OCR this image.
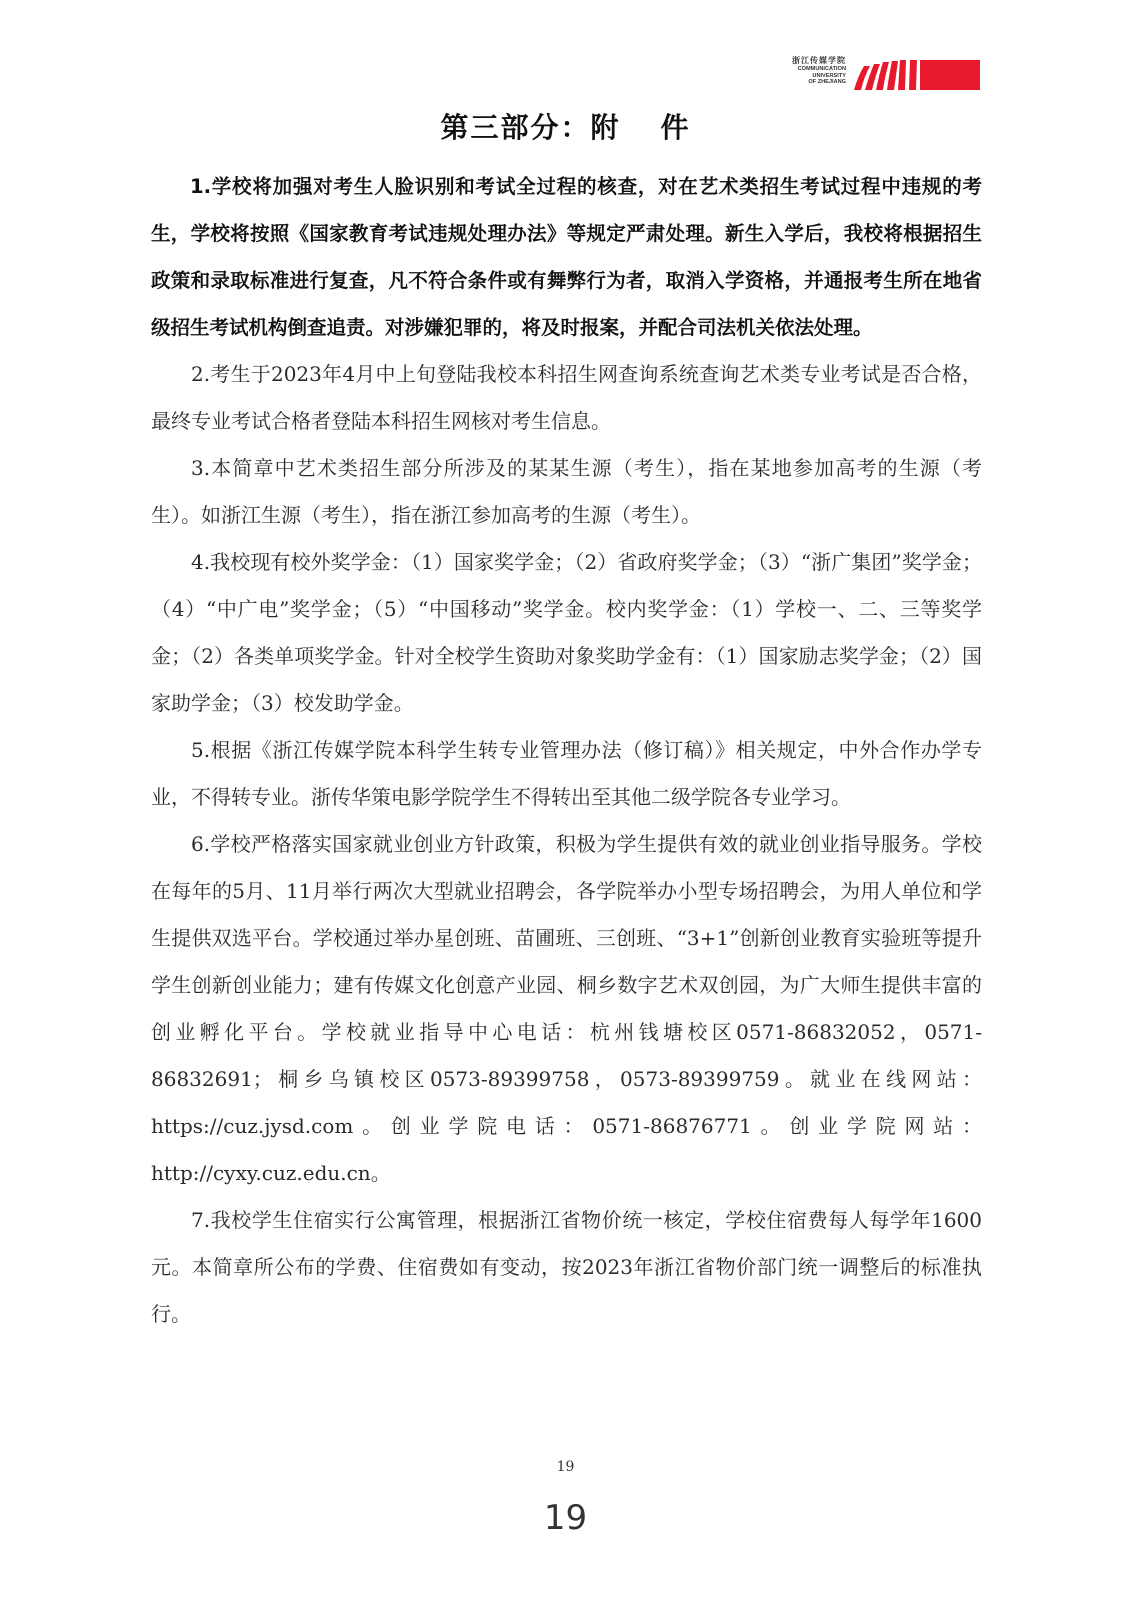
浙江传媒学院
COMMUNICATION
UNIVERSITY
OF ZHEJIANG
第三部分：附 件

1.学校将加强对考生人脸识别和考试全过程的核查，对在艺术类招生考试过程中违规的考生，学校将按照《国家教育考试违规处理办法》等规定严肃处理。新生入学后，我校将根据招生政策和录取标准进行复查，凡不符合条件或有舞弊行为者，取消入学资格，并通报考生所在地省级招生考试机构倒查追责。对涉嫌犯罪的，将及时报案，并配合司法机关依法处理。

2.考生于2023年4月中上旬登陆我校本科招生网查询系统查询艺术类专业考试是否合格，最终专业考试合格者登陆本科招生网核对考生信息。

3.本简章中艺术类招生部分所涉及的某某生源（考生），指在某地参加高考的生源（考生）。如浙江生源（考生），指在浙江参加高考的生源（考生）。

4.我校现有校外奖学金：（1）国家奖学金；（2）省政府奖学金；（3）“浙广集团”奖学金；（4）“中广电”奖学金；（5）“中国移动”奖学金。校内奖学金：（1）学校一、二、三等奖学金；（2）各类单项奖学金。针对全校学生资助对象奖助学金有：（1）国家励志奖学金；（2）国家助学金；（3）校发助学金。

5.根据《浙江传媒学院本科学生转专业管理办法（修订稿）》相关规定，中外合作办学专业，不得转专业。浙传华策电影学院学生不得转出至其他二级学院各专业学习。

6.学校严格落实国家就业创业方针政策，积极为学生提供有效的就业创业指导服务。学校在每年的5月、11月举行两次大型就业招聘会，各学院举办小型专场招聘会，为用人单位和学生提供双选平台。学校通过举办星创班、苗圃班、三创班、“3+1”创新创业教育实验班等提升学生创新创业能力；建有传媒文化创意产业园、桐乡数字艺术双创园，为广大师生提供丰富的创业孵化平台。学校就业指导中心电话：杭州钱塘校区0571-86832052，0571-86832691；桐乡乌镇校区0573-89399758，0573-89399759。就业在线网站：https://cuz.jysd.com。创业学院电话：0571-86876771。创业学院网站：http://cyxy.cuz.edu.cn。

7.我校学生住宿实行公寓管理，根据浙江省物价统一核定，学校住宿费每人每学年1600元。本简章所公布的学费、住宿费如有变动，按2023年浙江省物价部门统一调整后的标准执行。

19
19
